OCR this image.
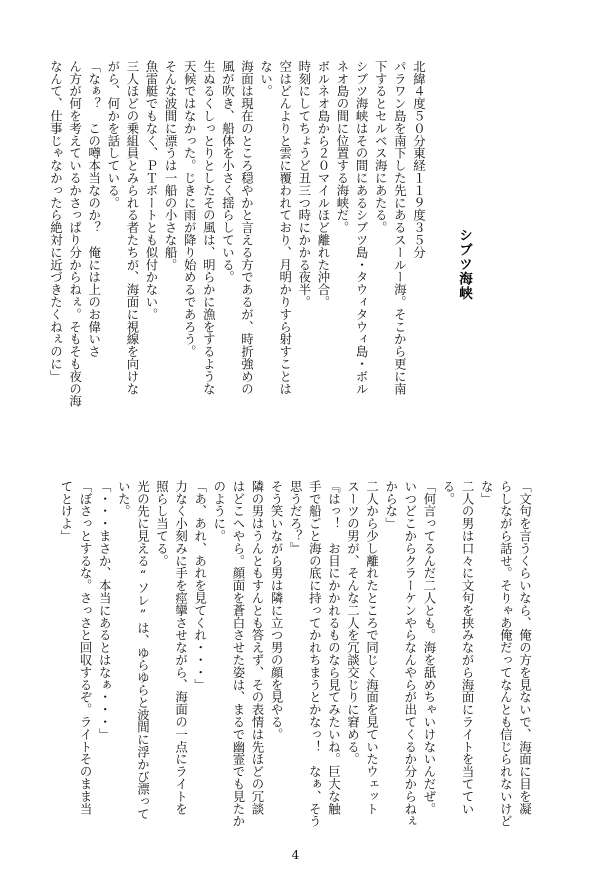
シブツ海峡
北緯４度５０分東経１１９度３５分
パラワン島を南下した先にあるスールー海。そこから更に南
下するとセルベス海にあたる。
シブツ海峡はその間にあるシブツ島・タウィタウィ島・ボル
ネオ島の間に位置する海峡だ。
ボルネオ島から２０マイルほど離れた沖合。
時刻にしてちょうど丑三つ時にかかる夜半。
空はどんよりと雲に覆われており、月明かりすら射すことは
ない。
海面は現在のところ穏やかと言える方であるが、時折強めの
風が吹き、船体を小さく揺らしている。
生ぬるくしっとりとしたその風は、明らかに漁をするような
天候ではなかった。じきに雨が降り始めるであろう。
そんな波間に漂うは一船の小さな船。
魚雷艇でもなく、ＰＴボートとも似付かない。
三人ほどの乗組員とみられる者たちが、海面に視線を向けな
がら、何かを話している。
「なぁ？　この噂本当なのか？　俺には上のお偉いさ
ん方が何を考えているかさっぱり分からねぇ。そもそも夜の海
なんて、仕事じゃなかったら絶対に近づきたくねぇのに」
「文句を言うくらいなら、俺の方を見ないで、海面に目を凝
らしながら話せ。そりゃあ俺だってなんとも信じられないけど
な」
二人の男は口々に文句を挟みながら海面にライトを当ててい
る。
「何言ってるんだ二人とも。海を舐めちゃいけないんだぜ。
いつどこからクラーケンやらなんやらが出てくるか分からねぇ
からな」
二人から少し離れたところで同じく海面を見ていたウェット
スーツの男が、そんな二人を冗談交じりに窘める。
『はっ！　お目にかかれるものなら見てみたいね。巨大な触
手で船ごと海の底に持ってかれちまうとかなっ！　なぁ、そう
思うだろ？』
そう笑いながら男は隣に立つ男の顔を見やる。
隣の男はうんともすんとも答えず、その表情は先ほどの冗談
はどこへやら。顔面を蒼白させた姿は、まるで幽霊でも見たか
のように。
「あ、あれ、あれを見てくれ・・・」
力なく小刻みに手を痙攣させながら、海面の一点にライトを
照らし当てる。
光の先に見える“ソレ”は、ゆらゆらと波間に浮かび漂って
いた。
「・・・まさか、本当にあるとはなぁ・・・」
「ぼさっとするな。さっさと回収するぞ。ライトそのまま当
てとけよ」
4
